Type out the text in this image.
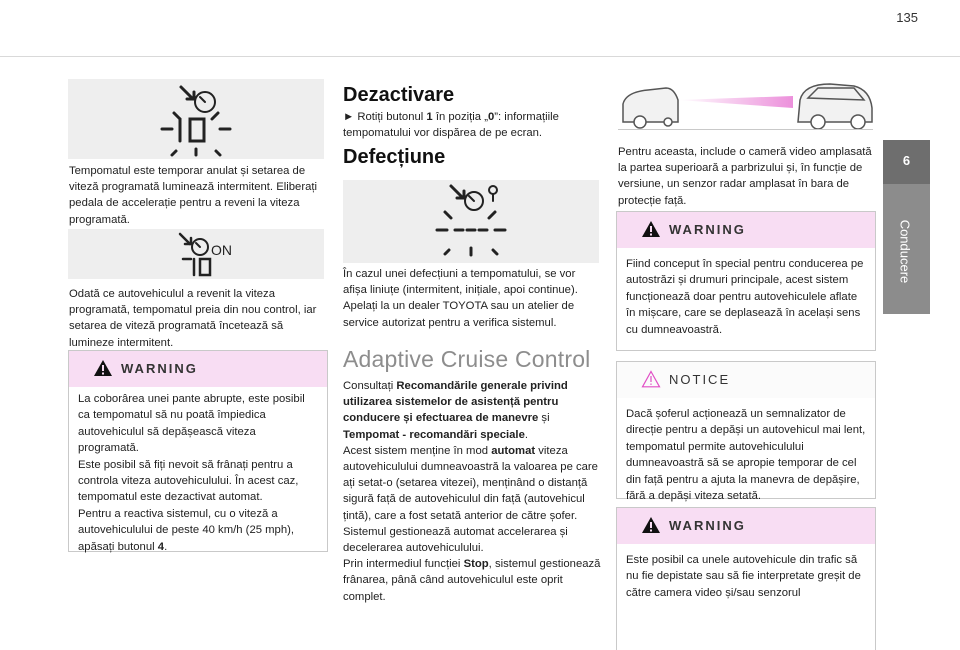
135
6
Conducere

Tempomatul este temporar anulat și setarea de viteză programată luminează intermitent. Eliberați pedala de accelerație pentru a reveni la viteza programată.

ON

Odată ce autovehiculul a revenit la viteza programată, tempomatul preia din nou control, iar setarea de viteză programată încetează să lumineze intermitent.

WARNING
La coborârea unei pante abrupte, este posibil
ca tempomatul să nu poată împiedica
autovehiculul să depășească viteza
programată.
Este posibil să fiți nevoit să frânați pentru a
controla viteza autovehiculului. În acest caz,
tempomatul este dezactivat automat.
Pentru a reactiva sistemul, cu o viteză a
autovehiculului de peste 40 km/h (25 mph),
apăsați butonul 4.
Dezactivare

► Rotiți butonul 1 în poziția „0”: informațiile tempomatului vor dispărea de pe ecran.

Defecțiune

În cazul unei defecțiuni a tempomatului, se vor afișa liniuțe (intermitent, inițiale, apoi continue). Apelați la un dealer TOYOTA sau un atelier de service autorizat pentru a verifica sistemul.

Adaptive Cruise Control

Consultați Recomandările generale privind utilizarea sistemelor de asistență pentru conducere și efectuarea de manevre și Tempomat - recomandări speciale.
Acest sistem menține în mod automat viteza autovehiculului dumneavoastră la valoarea pe care ați setat-o (setarea vitezei), menținând o distanță sigură față de autovehiculul din față (autovehicul țintă), care a fost setată anterior de către șofer. Sistemul gestionează automat accelerarea și decelerarea autovehiculului.
Prin intermediul funcției Stop, sistemul gestionează frânarea, până când autovehiculul este oprit complet.

Pentru aceasta, include o cameră video amplasată la partea superioară a parbrizului și, în funcție de versiune, un senzor radar amplasat în bara de protecție față.

WARNING

Fiind conceput în special pentru conducerea pe autostrăzi și drumuri principale, acest sistem funcționează doar pentru autovehiculele aflate în mișcare, care se deplasează în același sens cu dumneavoastră.

NOTICE

Dacă șoferul acționează un semnalizator de direcție pentru a depăși un autovehicul mai lent, tempomatul permite autovehiculului dumneavoastră să se apropie temporar de cel din față pentru a ajuta la manevra de depășire, fără a depăși viteza setată.

WARNING

Este posibil ca unele autovehicule din trafic să nu fie depistate sau să fie interpretate greșit de către camera video și/sau senzorul
